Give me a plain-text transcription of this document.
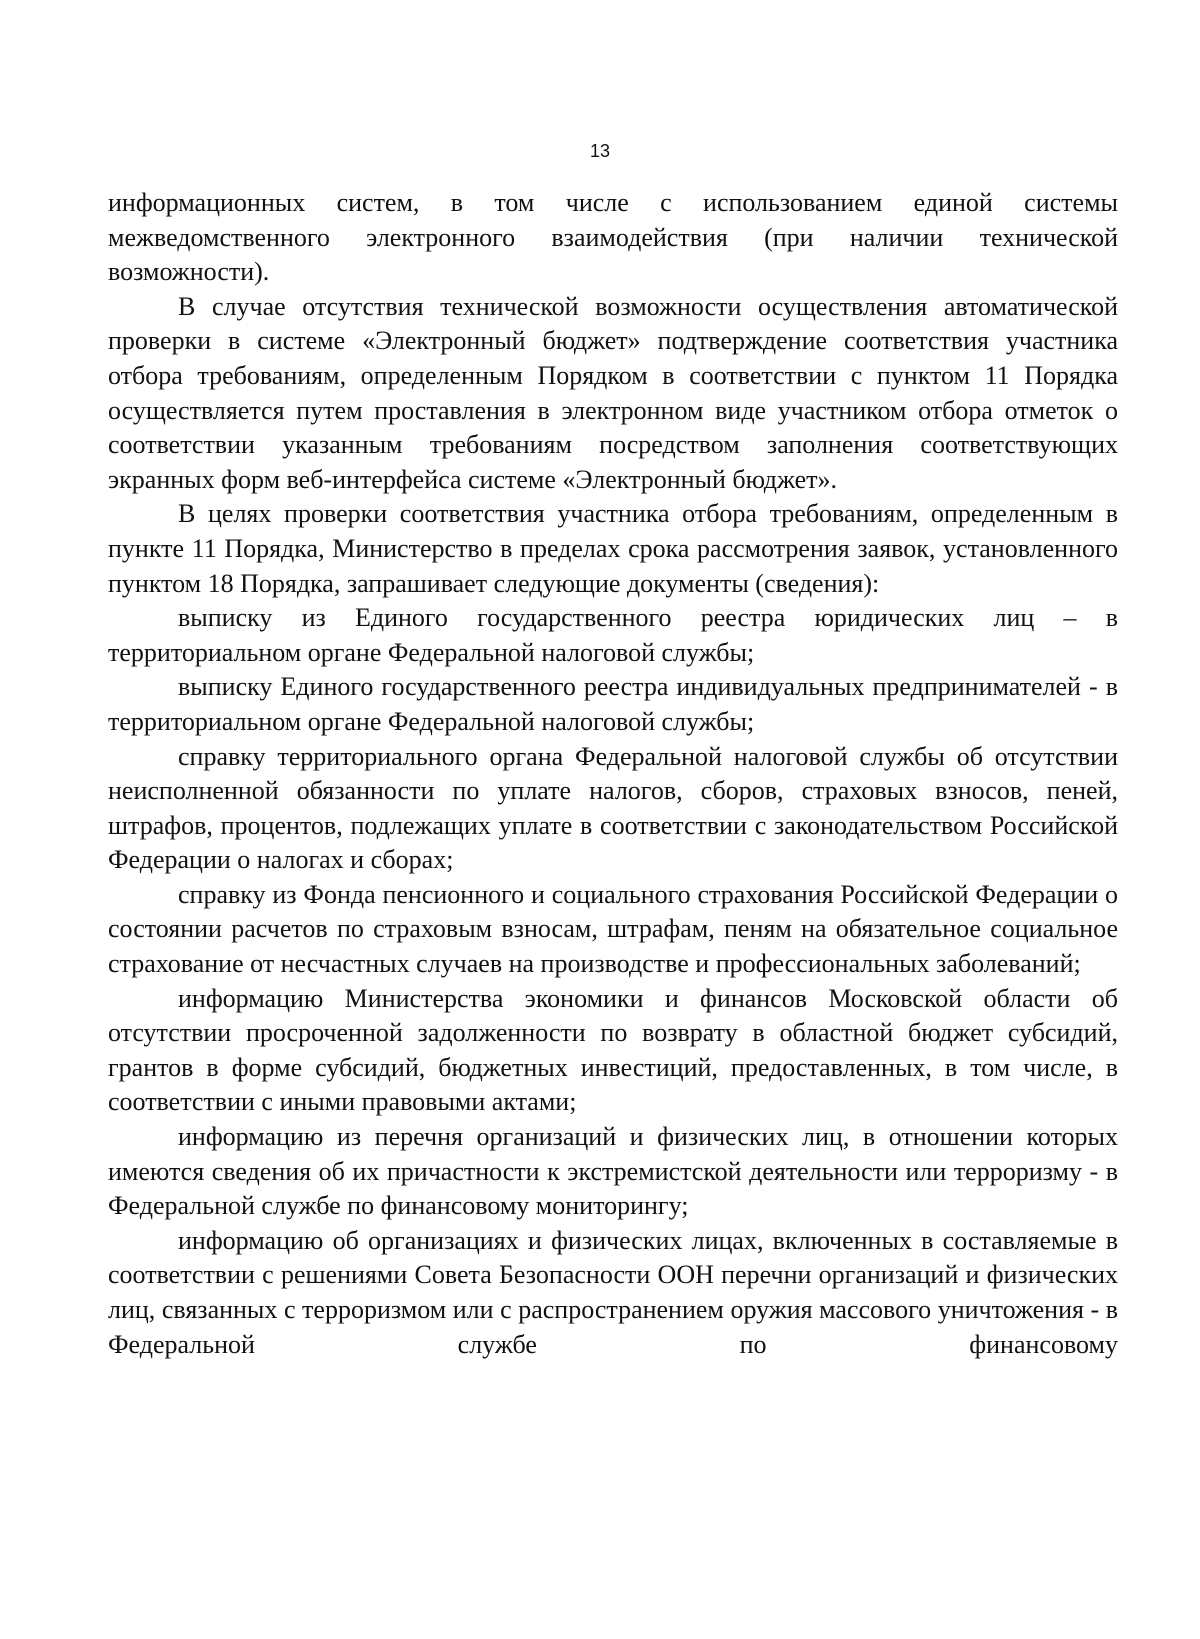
13

информационных систем, в том числе с использованием единой системы межведомственного электронного взаимодействия (при наличии технической возможности).

В случае отсутствия технической возможности осуществления автоматической проверки в системе «Электронный бюджет» подтверждение соответствия участника отбора требованиям, определенным Порядком в соответствии с пунктом 11 Порядка осуществляется путем проставления в электронном виде участником отбора отметок о соответствии указанным требованиям посредством заполнения соответствующих экранных форм веб-интерфейса системе «Электронный бюджет».

В целях проверки соответствия участника отбора требованиям, определенным в пункте 11 Порядка, Министерство в пределах срока рассмотрения заявок, установленного пунктом 18 Порядка, запрашивает следующие документы (сведения):

выписку из Единого государственного реестра юридических лиц – в территориальном органе Федеральной налоговой службы;

выписку Единого государственного реестра индивидуальных предпринимателей - в территориальном органе Федеральной налоговой службы;

справку территориального органа Федеральной налоговой службы об отсутствии неисполненной обязанности по уплате налогов, сборов, страховых взносов, пеней, штрафов, процентов, подлежащих уплате в соответствии с законодательством Российской Федерации о налогах и сборах;

справку из Фонда пенсионного и социального страхования Российской Федерации о состоянии расчетов по страховым взносам, штрафам, пеням на обязательное социальное страхование от несчастных случаев на производстве и профессиональных заболеваний;

информацию Министерства экономики и финансов Московской области об отсутствии просроченной задолженности по возврату в областной бюджет субсидий, грантов в форме субсидий, бюджетных инвестиций, предоставленных, в том числе, в соответствии с иными правовыми актами;

информацию из перечня организаций и физических лиц, в отношении которых имеются сведения об их причастности к экстремистской деятельности или терроризму - в Федеральной службе по финансовому мониторингу;

информацию об организациях и физических лицах, включенных в составляемые в соответствии с решениями Совета Безопасности ООН перечни организаций и физических лиц, связанных с терроризмом или с распространением оружия массового уничтожения - в Федеральной службе по финансовому
